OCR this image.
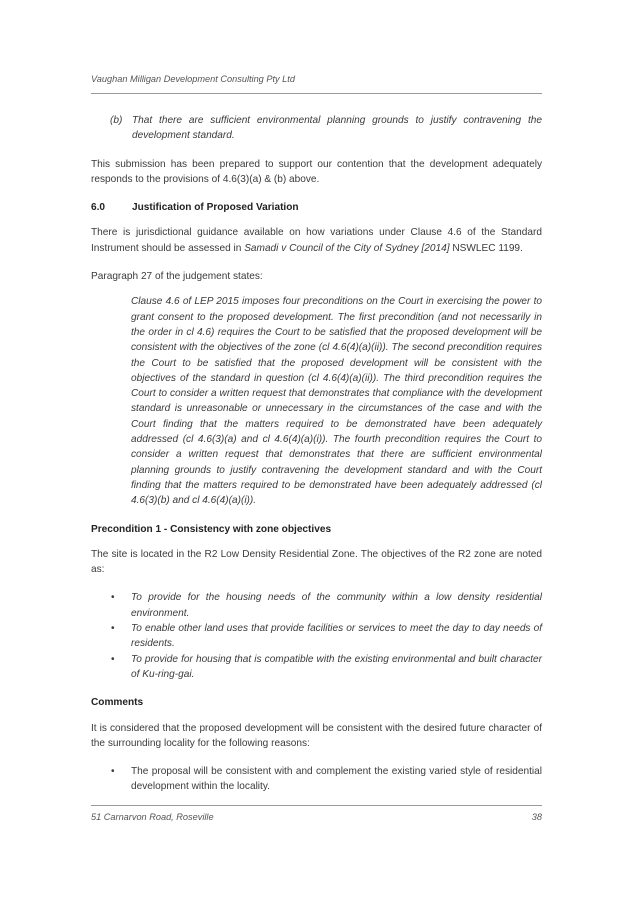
Vaughan Milligan Development Consulting Pty Ltd
(b) That there are sufficient environmental planning grounds to justify contravening the development standard.

This submission has been prepared to support our contention that the development adequately responds to the provisions of 4.6(3)(a) & (b) above.

6.0	Justification of Proposed Variation

There is jurisdictional guidance available on how variations under Clause 4.6 of the Standard Instrument should be assessed in Samadi v Council of the City of Sydney [2014] NSWLEC 1199.

Paragraph 27 of the judgement states:

Clause 4.6 of LEP 2015 imposes four preconditions on the Court in exercising the power to grant consent to the proposed development. The first precondition (and not necessarily in the order in cl 4.6) requires the Court to be satisfied that the proposed development will be consistent with the objectives of the zone (cl 4.6(4)(a)(ii)). The second precondition requires the Court to be satisfied that the proposed development will be consistent with the objectives of the standard in question (cl 4.6(4)(a)(ii)). The third precondition requires the Court to consider a written request that demonstrates that compliance with the development standard is unreasonable or unnecessary in the circumstances of the case and with the Court finding that the matters required to be demonstrated have been adequately addressed (cl 4.6(3)(a) and cl 4.6(4)(a)(i)). The fourth precondition requires the Court to consider a written request that demonstrates that there are sufficient environmental planning grounds to justify contravening the development standard and with the Court finding that the matters required to be demonstrated have been adequately addressed (cl 4.6(3)(b) and cl 4.6(4)(a)(i)).

Precondition 1 - Consistency with zone objectives

The site is located in the R2 Low Density Residential Zone. The objectives of the R2 zone are noted as:

•	To provide for the housing needs of the community within a low density residential environment.
•	To enable other land uses that provide facilities or services to meet the day to day needs of residents.
•	To provide for housing that is compatible with the existing environmental and built character of Ku-ring-gai.
Comments

It is considered that the proposed development will be consistent with the desired future character of the surrounding locality for the following reasons:

•	The proposal will be consistent with and complement the existing varied style of residential development within the locality.
51 Carnarvon Road, Roseville	38
